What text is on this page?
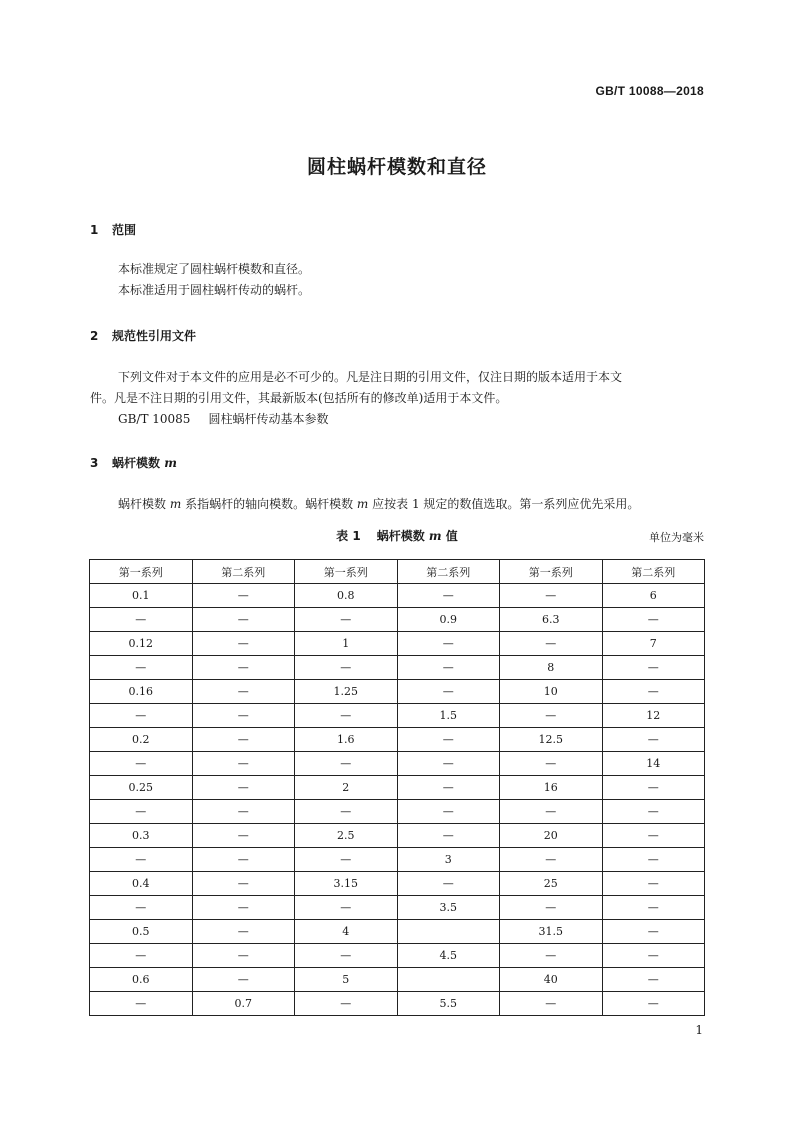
GB/T 10088—2018
圆柱蜗杆模数和直径
1 范围
本标准规定了圆柱蜗杆模数和直径。
本标准适用于圆柱蜗杆传动的蜗杆。
2 规范性引用文件
下列文件对于本文件的应用是必不可少的。凡是注日期的引用文件，仅注日期的版本适用于本文
件。凡是不注日期的引用文件，其最新版本(包括所有的修改单)适用于本文件。
GB/T 10085 圆柱蜗杆传动基本参数
3 蜗杆模数 m
蜗杆模数 m 系指蜗杆的轴向模数。蜗杆模数 m 应按表 1 规定的数值选取。第一系列应优先采用。
表 1 蜗杆模数 m 值	单位为毫米
第一系列	第二系列	第一系列	第二系列	第一系列	第二系列
0.1	—	0.8	—	—	6
—	—	—	0.9	6.3	—
0.12	—	1	—	—	7
—	—	—	—	8	—
0.16	—	1.25	—	10	—
—	—	—	1.5	—	12
0.2	—	1.6	—	12.5	—
—	—	—	—	—	14
0.25	—	2	—	16	—
—	—	—	—	—	—
0.3	—	2.5	—	20	—
—	—	—	3	—	—
0.4	—	3.15	—	25	—
—	—	—	3.5	—	—
0.5	—	4		31.5	—
—	—	—	4.5	—	—
0.6	—	5		40	—
—	0.7	—	5.5	—	—
1
